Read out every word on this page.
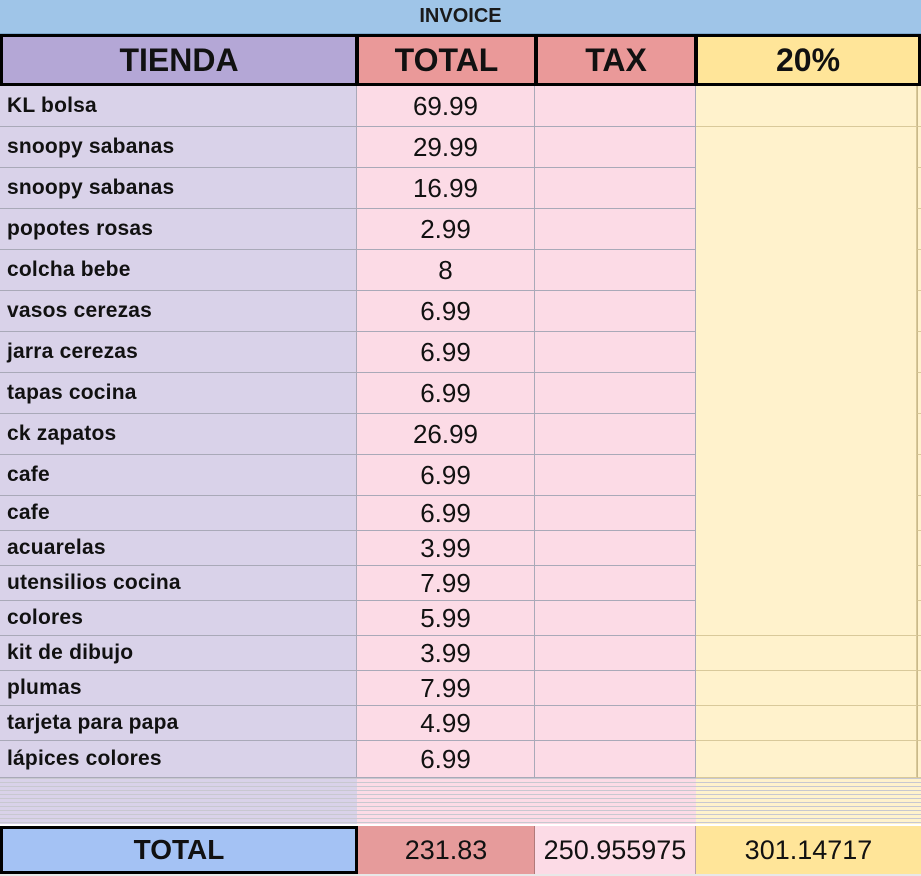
INVOICE
TIENDA	TOTAL	TAX	20%
KL bolsa	69.99
snoopy sabanas	29.99
snoopy sabanas	16.99
popotes rosas	2.99
colcha bebe	8
vasos cerezas	6.99
jarra cerezas	6.99
tapas cocina	6.99
ck zapatos	26.99
cafe	6.99
cafe	6.99
acuarelas	3.99
utensilios cocina	7.99
colores	5.99
kit de dibujo	3.99
plumas	7.99
tarjeta para papa	4.99
lápices colores	6.99
TOTAL	231.83	250.955975	301.14717
